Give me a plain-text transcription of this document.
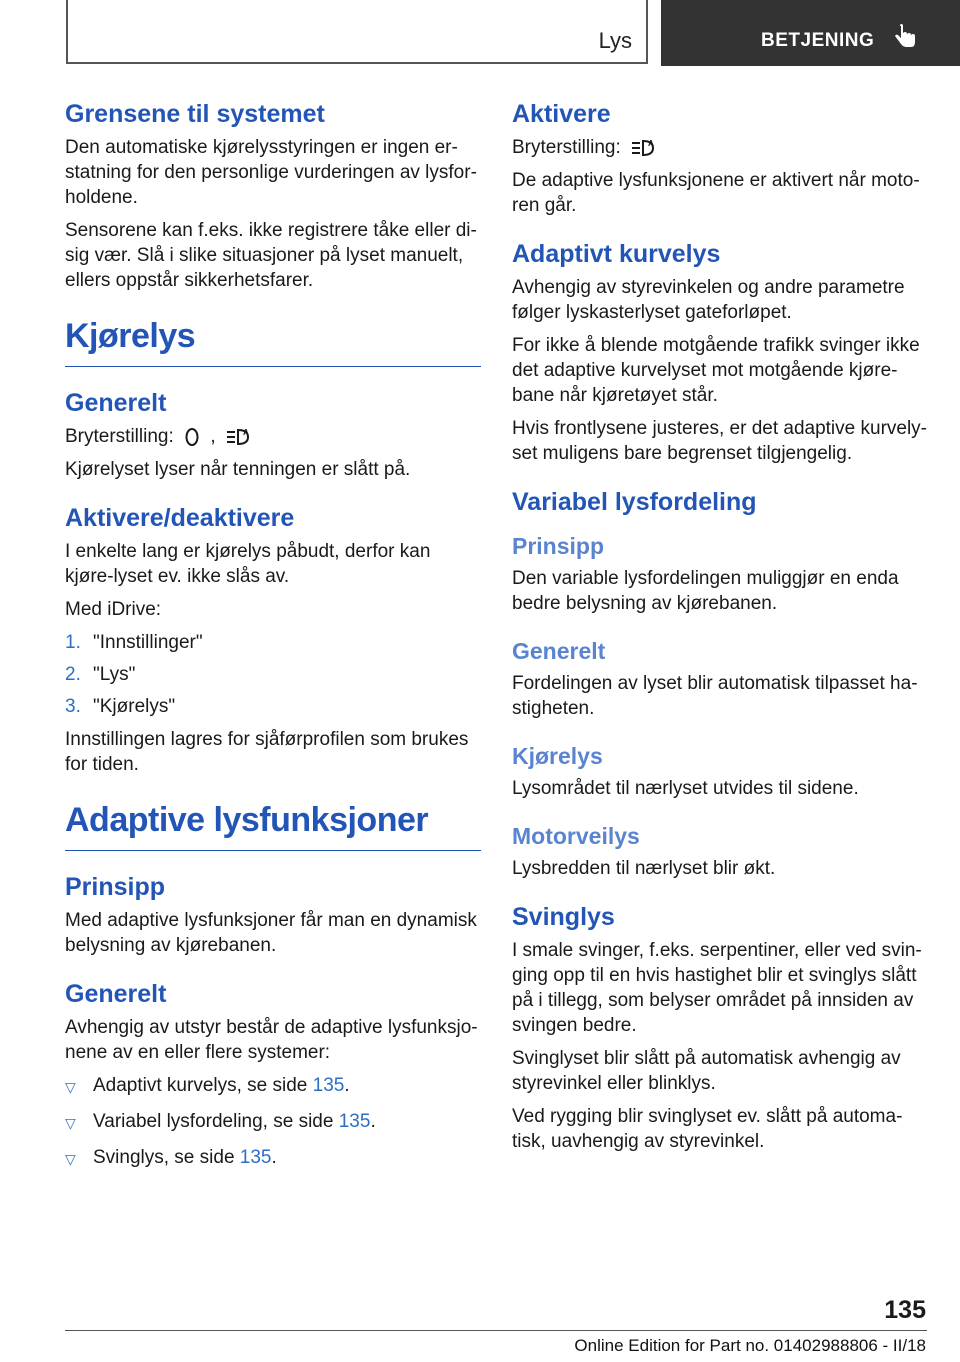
Lys	BETJENING
Grensene til systemet

Den automatiske kjørelysstyringen er ingen er-statning for den personlige vurderingen av lysfor-holdene.

Sensorene kan f.eks. ikke registrere tåke eller di-sig vær. Slå i slike situasjoner på lyset manuelt, ellers oppstår sikkerhetsfarer.

Kjørelys
Generelt

Bryterstilling: ,	A

Kjørelyset lyser når tenningen er slått på.

Aktivere/deaktivere

I enkelte lang er kjørelys påbudt, derfor kan kjøre-lyset ev. ikke slås av.

Med iDrive:

1. "Innstillinger"
2. "Lys"
3. "Kjørelys"

Innstillingen lagres for sjåførprofilen som brukes for tiden.

Adaptive lysfunksjoner
Prinsipp

Med adaptive lysfunksjoner får man en dynamisk belysning av kjørebanen.

Generelt

Avhengig av utstyr består de adaptive lysfunksjo-nene av en eller flere systemer:

▽ Adaptivt kurvelys, se side 135.
▽ Variabel lysfordeling, se side 135.
▽ Svinglys, se side 135.
Aktivere

Bryterstilling:	A

De adaptive lysfunksjonene er aktivert når moto-ren går.

Adaptivt kurvelys

Avhengig av styrevinkelen og andre parametre følger lyskasterlyset gateforløpet.

For ikke å blende motgående trafikk svinger ikke det adaptive kurvelyset mot motgående kjøre-bane når kjøretøyet står.

Hvis frontlysene justeres, er det adaptive kurvely-set muligens bare begrenset tilgjengelig.

Variabel lysfordeling
Prinsipp

Den variable lysfordelingen muliggjør en enda bedre belysning av kjørebanen.

Generelt

Fordelingen av lyset blir automatisk tilpasset ha-stigheten.

Kjørelys

Lysområdet til nærlyset utvides til sidene.

Motorveilys

Lysbredden til nærlyset blir økt.

Svinglys

I smale svinger, f.eks. serpentiner, eller ved svin-ging opp til en hvis hastighet blir et svinglys slått på i tillegg, som belyser området på innsiden av svingen bedre.

Svinglyset blir slått på automatisk avhengig av styrevinkel eller blinklys.

Ved rygging blir svinglyset ev. slått på automa-tisk, uavhengig av styrevinkel.

135
Online Edition for Part no. 01402988806 - II/18
